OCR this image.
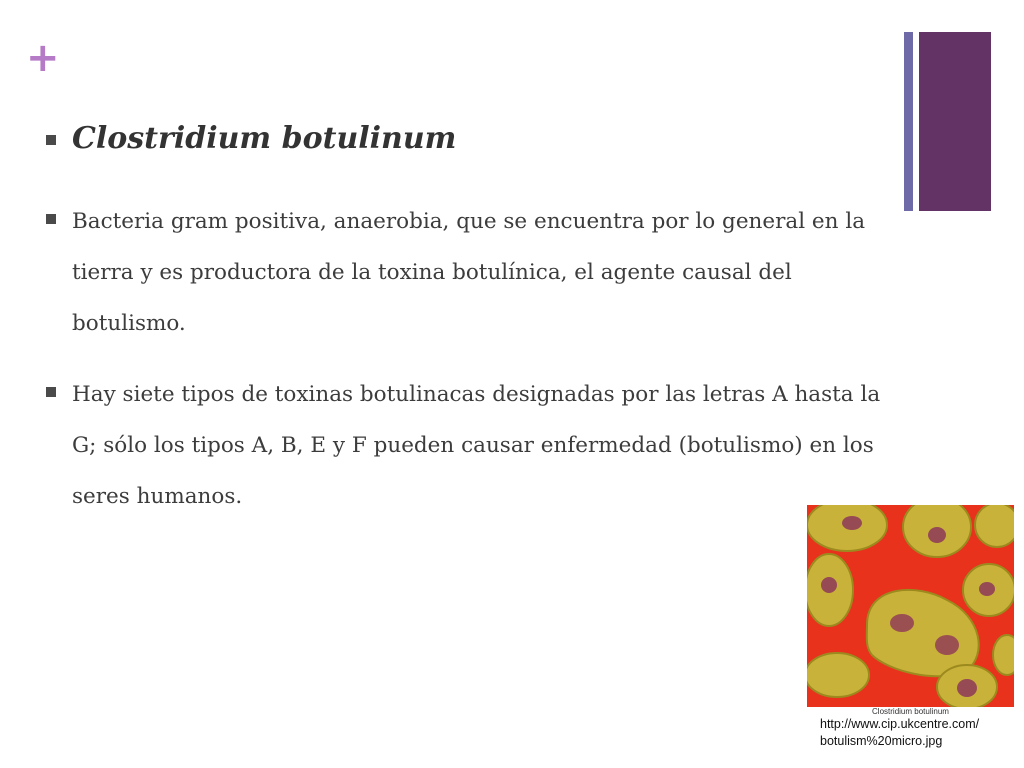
+
Clostridium botulinum
Bacteria gram positiva, anaerobia, que se encuentra por lo general en la tierra y es productora de la toxina botulínica, el agente causal del botulismo.
Hay siete tipos de toxinas botulinacas designadas por las letras A hasta la G; sólo los tipos A, B, E y F pueden causar enfermedad (botulismo) en los seres humanos.
Clostridium botulinum
http://www.cip.ukcentre.com/
botulism%20micro.jpg
